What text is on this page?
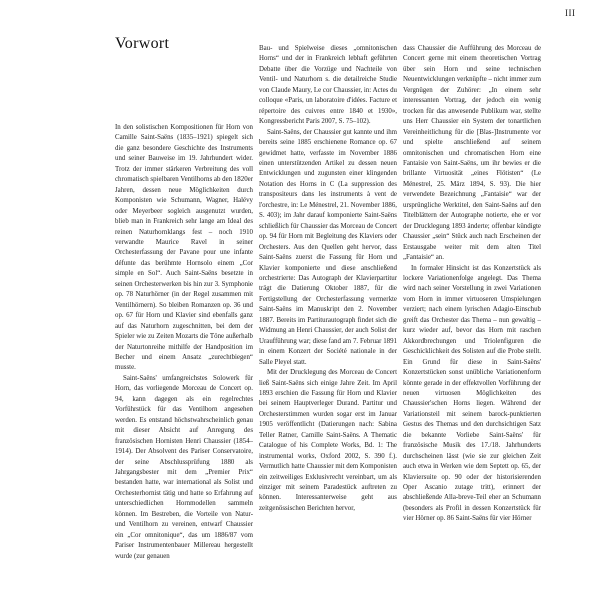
III
Vorwort

In den solistischen Kompositionen für Horn von Camille Saint-Saëns (1835–1921) spiegelt sich die ganz besondere Geschichte des Instruments und seiner Bauweise im 19. Jahrhundert wider. Trotz der immer stärkeren Verbreitung des voll chromatisch spielbaren Ventilhorns ab den 1820er Jahren, dessen neue Möglichkeiten durch Komponisten wie Schumann, Wagner, Halévy oder Meyerbeer sogleich ausgenutzt wurden, blieb man in Frankreich sehr lange am Ideal des reinen Naturhornklangs fest – noch 1910 verwandte Maurice Ravel in seiner Orchesterfassung der Pavane pour une infante défunte das berühmte Hornsolo einem „Cor simple en Sol“. Auch Saint-Saëns besetzte in seinen Orchesterwerken bis hin zur 3. Symphonie op. 78 Naturhörner (in der Regel zusammen mit Ventilhörnern). So bleiben Romanzen op. 36 und op. 67 für Horn und Klavier sind ebenfalls ganz auf das Naturhorn zugeschnitten, bei dem der Spieler wie zu Zeiten Mozarts die Töne außerhalb der Naturtonreihe mithilfe der Handposition im Becher und einem Ansatz „zurechtbiegen“ musste.

Saint-Saëns' umfangreichstes Solowerk für Horn, das vorliegende Morceau de Concert op. 94, kann dagegen als ein regelrechtes Vorführstück für das Ventilhorn angesehen werden. Es entstand höchstwahrscheinlich genau mit dieser Absicht auf Anregung des französischen Hornisten Henri Chaussier (1854–1914). Der Absolvent des Pariser Conservatoire, der seine Abschlussprüfung 1880 als Jahrgangsbester mit dem „Premier Prix“ bestanden hatte, war international als Solist und Orchesterhornist tätig und hatte so Erfahrung auf unterschiedlichen Hornmodellen sammeln können. Im Bestreben, die Vorteile von Natur- und Ventilhorn zu vereinen, entwarf Chaussier ein „Cor omnitonique“, das um 1886/87 vom Pariser Instrumentenbauer Millereau hergestellt wurde (zur genauen

Bau- und Spielweise dieses „omnitonischen Horns“ und der in Frankreich lebhaft geführten Debatte über die Vorzüge und Nachteile von Ventil- und Naturhorn s. die detailreiche Studie von Claude Maury, Le cor Chaussier, in: Actes du colloque «Paris, un laboratoire d'idées. Facture et répertoire des cuivres entre 1840 et 1930», Kongressbericht Paris 2007, S. 75–102).

Saint-Saëns, der Chaussier gut kannte und ihm bereits seine 1885 erschienene Romance op. 67 gewidmet hatte, verfasste im November 1886 einen unterstützenden Artikel zu dessen neuen Entwicklungen und zugunsten einer klingenden Notation des Horns in C (La suppression des transpositeurs dans les instruments à vent de l'orchestre, in: Le Ménestrel, 21. November 1886, S. 403); im Jahr darauf komponierte Saint-Saëns schließlich für Chaussier das Morceau de Concert op. 94 für Horn mit Begleitung des Klaviers oder Orchesters. Aus den Quellen geht hervor, dass Saint-Saëns zuerst die Fassung für Horn und Klavier komponierte und diese anschließend orchestrierte: Das Autograph der Klavierpartitur trägt die Datierung Oktober 1887, für die Fertigstellung der Orchesterfassung vermerkte Saint-Saëns im Manuskript den 2. November 1887. Bereits im Partiturautograph findet sich die Widmung an Henri Chaussier, der auch Solist der Uraufführung war; diese fand am 7. Februar 1891 in einem Konzert der Société nationale in der Salle Pleyel statt.

Mit der Drucklegung des Morceau de Concert ließ Saint-Saëns sich einige Jahre Zeit. Im April 1893 erschien die Fassung für Horn und Klavier bei seinem Hauptverleger Durand. Partitur und Orchesterstimmen wurden sogar erst im Januar 1905 veröffentlicht (Datierungen nach: Sabina Teller Ratner, Camille Saint-Saëns. A Thematic Catalogue of his Complete Works, Bd. 1: The instrumental works, Oxford 2002, S. 390 f.). Vermutlich hatte Chaussier mit dem Komponisten ein zeitweiliges Exklusivrecht vereinbart, um als einziger mit seinem Paradestück auftreten zu können. Interessanterweise geht aus zeitgenössischen Berichten hervor,

dass Chaussier die Aufführung des Morceau de Concert gerne mit einem theoretischen Vortrag über sein Horn und seine technischen Neuentwicklungen verknüpfte – nicht immer zum Vergnügen der Zuhörer: „In einem sehr interessanten Vortrag, der jedoch ein wenig trocken für das anwesende Publikum war, stellte uns Herr Chaussier ein System der tonartlichen Vereinheitlichung für die [Blas-]Instrumente vor und spielte anschließend auf seinem omnitonischen und chromatischen Horn eine Fantaisie von Saint-Saëns, um ihr bewies er die brillante Virtuosität „eines Flötisten“ (Le Ménestrel, 25. März 1894, S. 93). Die hier verwendete Bezeichnung „Fantaisie“ war der ursprüngliche Werktitel, den Saint-Saëns auf den Titelblättern der Autographe notierte, ehe er vor der Drucklegung 1893 änderte; offenbar kündigte Chaussier „sein“ Stück auch nach Erscheinen der Erstausgabe weiter mit dem alten Titel „Fantaisie“ an.

In formaler Hinsicht ist das Konzertstück als lockere Variationenfolge angelegt. Das Thema wird nach seiner Vorstellung in zwei Variationen vom Horn in immer virtuoseren Umspielungen verziert; nach einem lyrischen Adagio-Einschub greift das Orchester das Thema – nun gewaltig – kurz wieder auf, bevor das Horn mit raschen Akkordbrechungen und Triolenfiguren die Geschicklichkeit des Solisten auf die Probe stellt. Ein Grund für diese in Saint-Saëns' Konzertstücken sonst unübliche Variationenform könnte gerade in der effektvollen Vorführung der neuen virtuosen Möglichkeiten des Chaussier'schen Horns liegen. Während der Variationsteil mit seinem barock-punktierten Gestus des Themas und den durchsichtigen Satz die bekannte Vorliebe Saint-Saëns' für französische Musik des 17./18. Jahrhunderts durchscheinen lässt (wie sie zur gleichen Zeit auch etwa in Werken wie dem Septett op. 65, der Klaviersuite op. 90 oder der historisierenden Oper Ascanio zutage tritt), erinnert der abschließende Alla-breve-Teil eher an Schumann (besonders als Profil in dessen Konzertstück für vier Hörner op. 86 Saint-Saëns für vier Hörner
